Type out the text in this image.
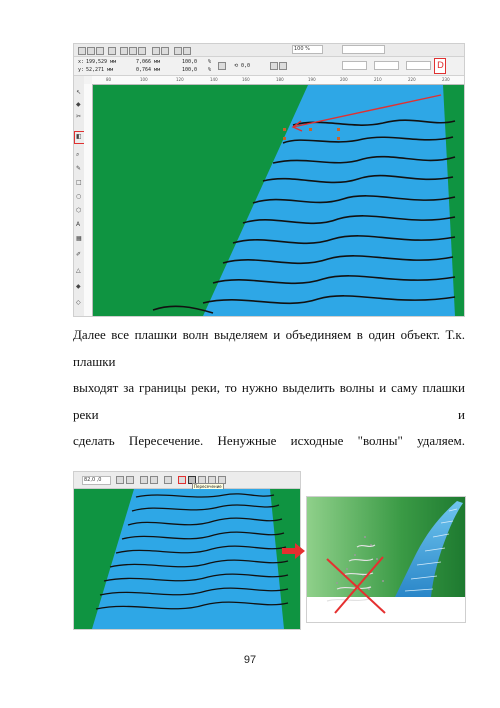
100 %
x: 199,529 мм
y: 52,271 мм
7,066 мм
0,764 мм
100,0
100,0
%
%
⟲ 0,0	D
↖
◆
✂
◧
⌕
✎
□
○
⬡
A
▦
✐
△
◆
◇
80	100	120	140	160	180	190	200	210	220	230

Далее все плашки волн выделяем и объединяем в один объект. Т.к. плашки

выходят за границы реки, то нужно выделить волны и саму плашки реки и

сделать Пересечение. Ненужные исходные "волны" удаляем.

82,0 ,0
Пересечение
97
